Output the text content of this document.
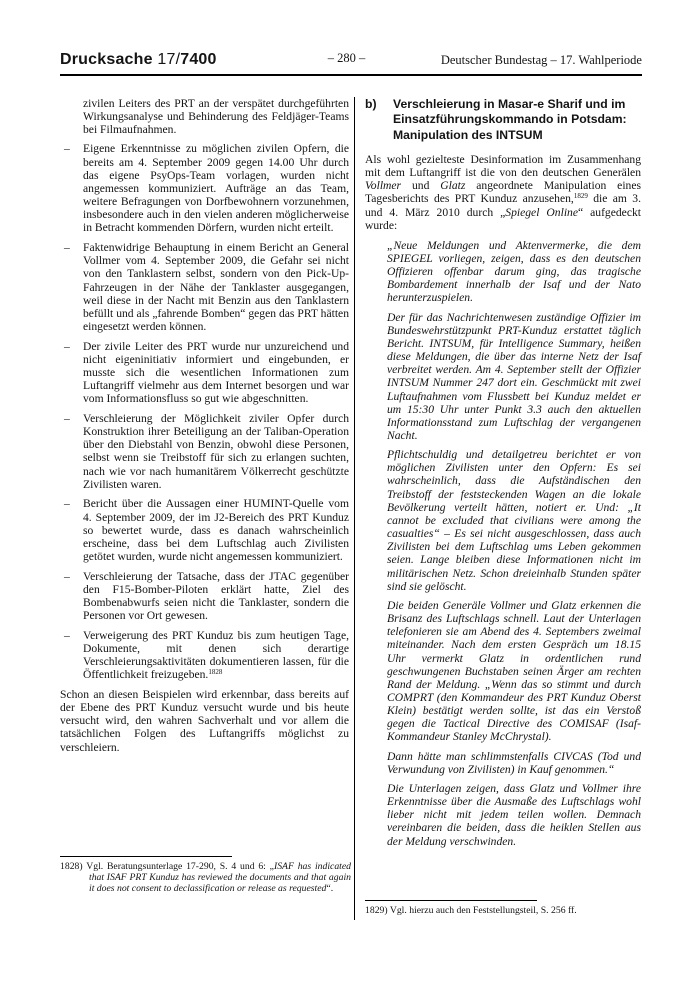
Drucksache 17/7400	– 280 –	Deutscher Bundestag – 17. Wahlperiode

zivilen Leiters des PRT an der verspätet durchgeführten Wirkungsanalyse und Behinderung des Feldjäger-Teams bei Filmaufnahmen.

– Eigene Erkenntnisse zu möglichen zivilen Opfern, die bereits am 4. September 2009 gegen 14.00 Uhr durch das eigene PsyOps-Team vorlagen, wurden nicht angemessen kommuniziert. Aufträge an das Team, weitere Befragungen von Dorfbewohnern vorzunehmen, insbesondere auch in den vielen anderen möglicherweise in Betracht kommenden Dörfern, wurden nicht erteilt.
– Faktenwidrige Behauptung in einem Bericht an General Vollmer vom 4. September 2009, die Gefahr sei nicht von den Tanklastern selbst, sondern von den Pick-Up-Fahrzeugen in der Nähe der Tanklaster ausgegangen, weil diese in der Nacht mit Benzin aus den Tanklastern befüllt und als „fahrende Bomben“ gegen das PRT hätten eingesetzt werden können.
– Der zivile Leiter des PRT wurde nur unzureichend und nicht eigeninitiativ informiert und eingebunden, er musste sich die wesentlichen Informationen zum Luftangriff vielmehr aus dem Internet besorgen und war vom Informationsfluss so gut wie abgeschnitten.
– Verschleierung der Möglichkeit ziviler Opfer durch Konstruktion ihrer Beteiligung an der Taliban-Operation über den Diebstahl von Benzin, obwohl diese Personen, selbst wenn sie Treibstoff für sich zu erlangen suchten, nach wie vor nach humanitärem Völkerrecht geschützte Zivilisten waren.
– Bericht über die Aussagen einer HUMINT-Quelle vom 4. September 2009, der im J2-Bereich des PRT Kunduz so bewertet wurde, dass es danach wahrscheinlich erscheine, dass bei dem Luftschlag auch Zivilisten getötet wurden, wurde nicht angemessen kommuniziert.
– Verschleierung der Tatsache, dass der JTAC gegenüber den F15-Bomber-Piloten erklärt hatte, Ziel des Bombenabwurfs seien nicht die Tanklaster, sondern die Personen vor Ort gewesen.
– Verweigerung des PRT Kunduz bis zum heutigen Tage, Dokumente, mit denen sich derartige Verschleierungsaktivitäten dokumentieren lassen, für die Öffentlichkeit freizugeben.$^{1828}$

Schon an diesen Beispielen wird erkennbar, dass bereits auf der Ebene des PRT Kunduz versucht wurde und bis heute versucht wird, den wahren Sachverhalt und vor allem die tatsächlichen Folgen des Luftangriffs möglichst zu verschleiern.

b)	Verschleierung in Masar-e Sharif und im Einsatzführungskommando in Potsdam: Manipulation des INTSUM

Als wohl gezielteste Desinformation im Zusammenhang mit dem Luftangriff ist die von den deutschen Generälen Vollmer und Glatz angeordnete Manipulation eines Tagesberichts des PRT Kunduz anzusehen,$^{1829}$ die am 3. und 4. März 2010 durch „Spiegel Online“ aufgedeckt wurde:

„Neue Meldungen und Aktenvermerke, die dem SPIEGEL vorliegen, zeigen, dass es den deutschen Offizieren offenbar darum ging, das tragische Bombardement innerhalb der Isaf und der Nato herunterzuspielen.

Der für das Nachrichtenwesen zuständige Offizier im Bundeswehrstützpunkt PRT-Kunduz erstattet täglich Bericht. INTSUM, für Intelligence Summary, heißen diese Meldungen, die über das interne Netz der Isaf verbreitet werden. Am 4. September stellt der Offizier INTSUM Nummer 247 dort ein. Geschmückt mit zwei Luftaufnahmen vom Flussbett bei Kunduz meldet er um 15:30 Uhr unter Punkt 3.3 auch den aktuellen Informationsstand zum Luftschlag der vergangenen Nacht.

Pflichtschuldig und detailgetreu berichtet er von möglichen Zivilisten unter den Opfern: Es sei wahrscheinlich, dass die Aufständischen den Treibstoff der feststeckenden Wagen an die lokale Bevölkerung verteilt hätten, notiert er. Und: „It cannot be excluded that civilians were among the casualties“ – Es sei nicht ausgeschlossen, dass auch Zivilisten bei dem Luftschlag ums Leben gekommen seien. Lange bleiben diese Informationen nicht im militärischen Netz. Schon dreieinhalb Stunden später sind sie gelöscht.

Die beiden Generäle Vollmer und Glatz erkennen die Brisanz des Luftschlags schnell. Laut der Unterlagen telefonieren sie am Abend des 4. Septembers zweimal miteinander. Nach dem ersten Gespräch um 18.15 Uhr vermerkt Glatz in ordentlichen rund geschwungenen Buchstaben seinen Ärger am rechten Rand der Meldung. „Wenn das so stimmt und durch COMPRT (den Kommandeur des PRT Kunduz Oberst Klein) bestätigt werden sollte, ist das ein Verstoß gegen die Tactical Directive des COMISAF (Isaf-Kommandeur Stanley McChrystal).

Dann hätte man schlimmstenfalls CIVCAS (Tod und Verwundung von Zivilisten) in Kauf genommen.“

Die Unterlagen zeigen, dass Glatz und Vollmer ihre Erkenntnisse über die Ausmaße des Luftschlags wohl lieber nicht mit jedem teilen wollen. Demnach vereinbaren die beiden, dass die heiklen Stellen aus der Meldung verschwinden.

1828) Vgl. Beratungsunterlage 17-290, S. 4 und 6: „ISAF has indicated that ISAF PRT Kunduz has reviewed the documents and that again it does not consent to declassification or release as requested“.
1829) Vgl. hierzu auch den Feststellungsteil, S. 256 ff.
